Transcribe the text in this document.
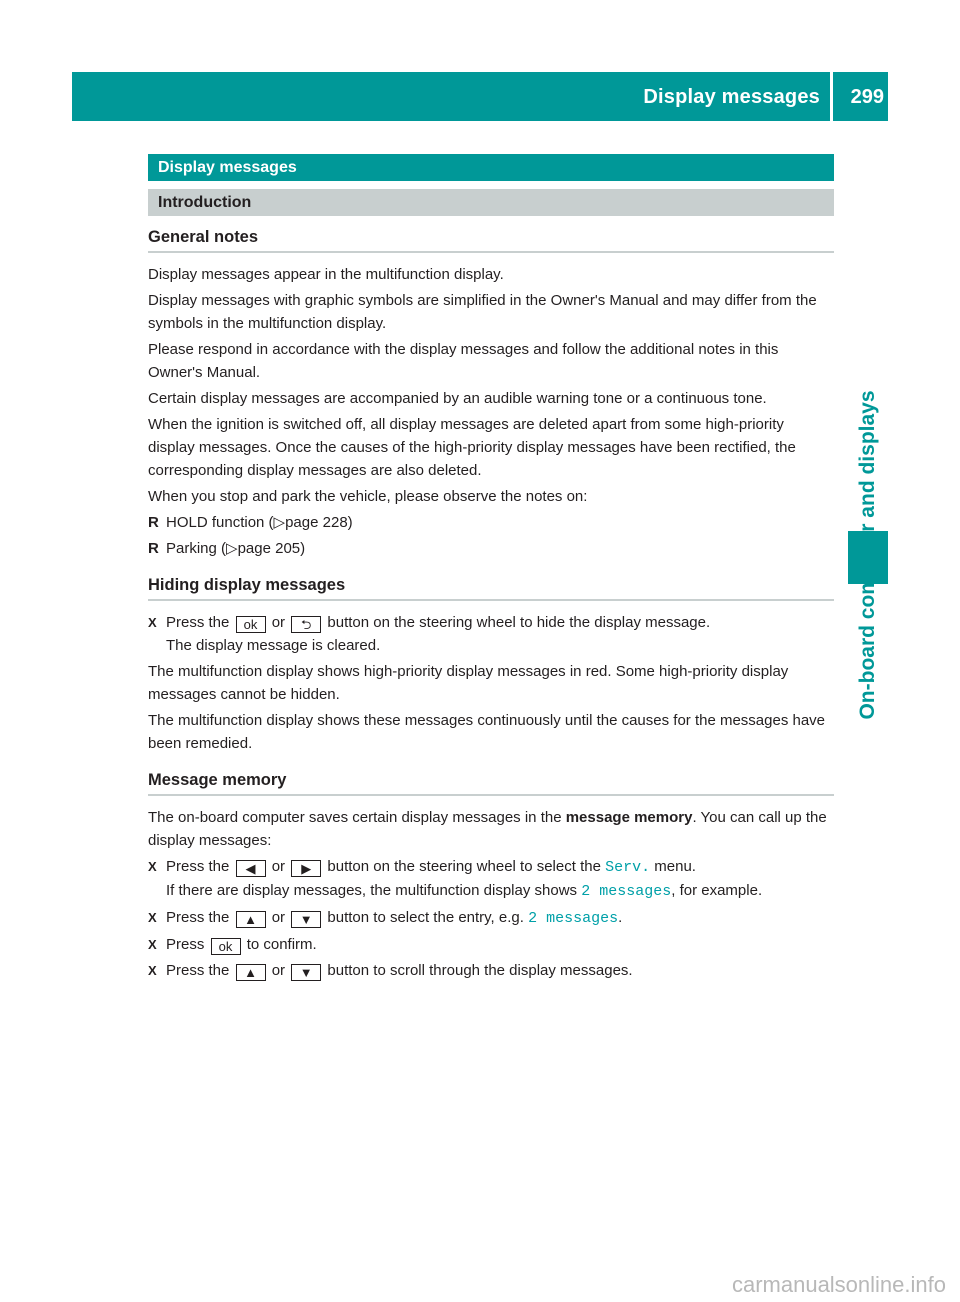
Display messages 299
Display messages
Introduction
General notes

Display messages appear in the multifunction display.

Display messages with graphic symbols are simplified in the Owner's Manual and may differ from the symbols in the multifunction display.

Please respond in accordance with the display messages and follow the additional notes in this Owner's Manual.

Certain display messages are accompanied by an audible warning tone or a continuous tone.

When the ignition is switched off, all display messages are deleted apart from some high-priority display messages. Once the causes of the high-priority display messages have been rectified, the corresponding display messages are also deleted.

When you stop and park the vehicle, please observe the notes on:

R HOLD function (▷page 228)
R Parking (▷page 205)
Hiding display messages
X Press the ok or ⮌ button on the steering wheel to hide the display message.
The display message is cleared.

The multifunction display shows high-priority display messages in red. Some high-priority display messages cannot be hidden.

The multifunction display shows these messages continuously until the causes for the messages have been remedied.

Message memory

The on-board computer saves certain display messages in the message memory. You can call up the display messages:

X Press the ◀ or ▶ button on the steering wheel to select the Serv. menu.
If there are display messages, the multifunction display shows 2 messages, for example.
X Press the ▲ or ▼ button to select the entry, e.g. 2 messages.
X Press ok to confirm.
X Press the ▲ or ▼ button to scroll through the display messages.
carmanualsonline.info
